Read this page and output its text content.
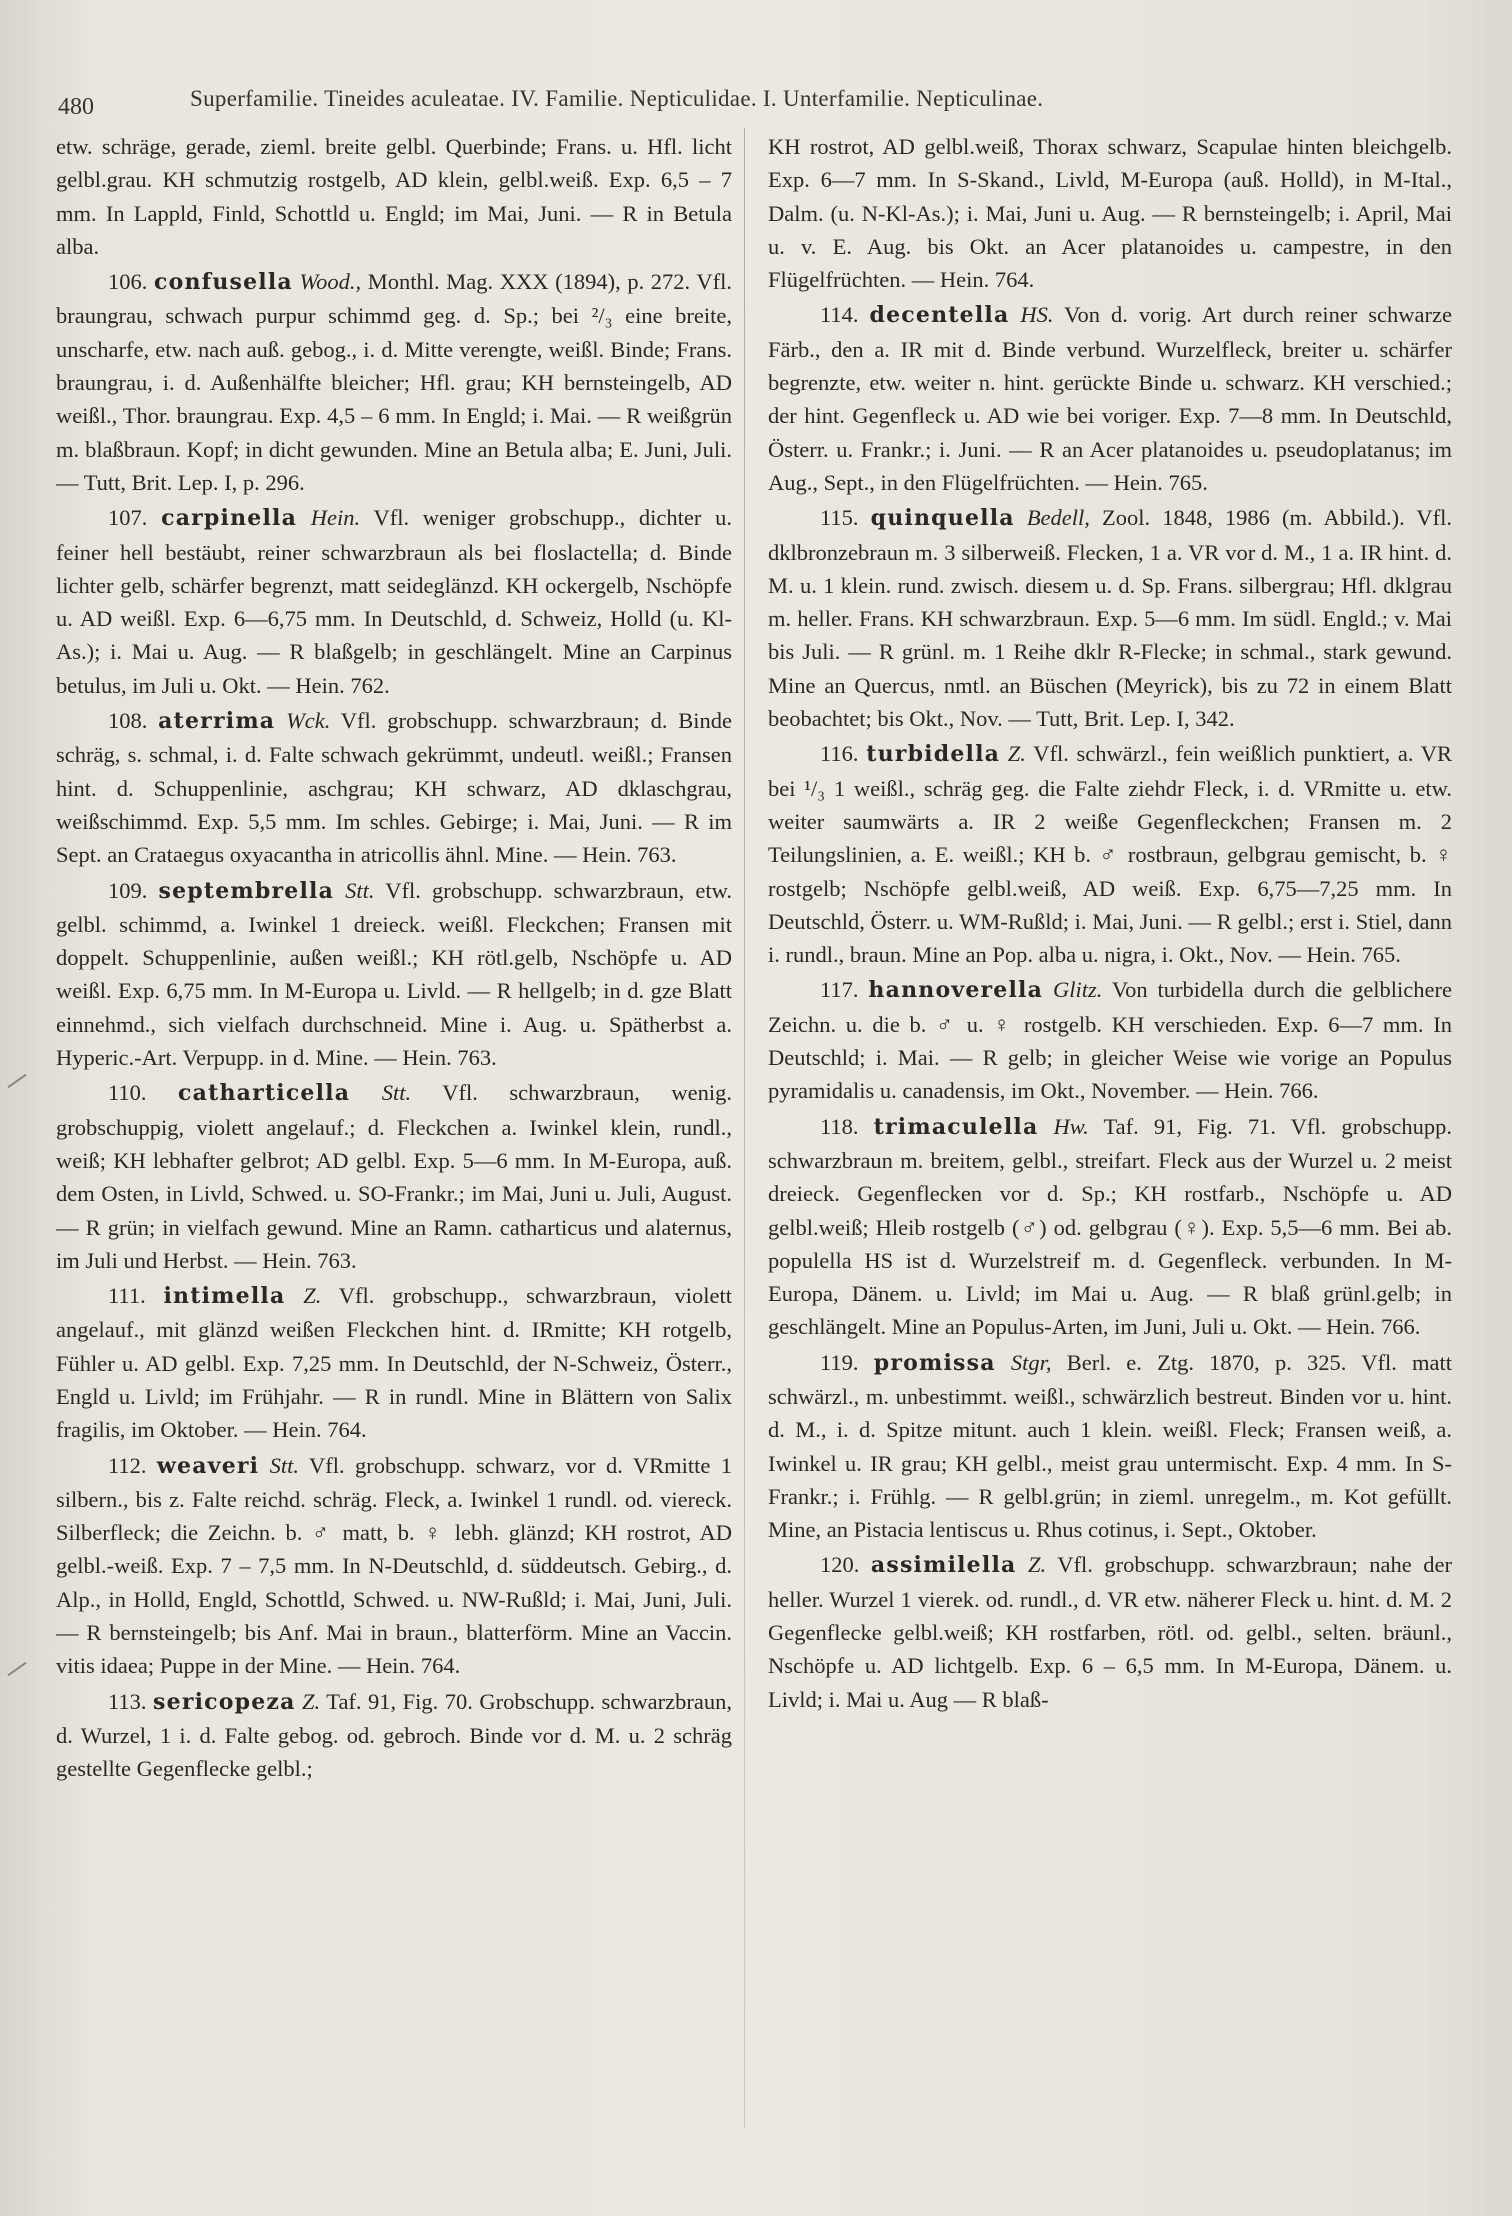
480	Superfamilie. Tineides aculeatae. IV. Familie. Nepticulidae. I. Unterfamilie. Nepticulinae.

etw. schräge, gerade, zieml. breite gelbl. Querbinde; Frans. u. Hfl. licht gelbl.grau. KH schmutzig rostgelb, AD klein, gelbl.weiß. Exp. 6,5 – 7 mm. In Lappld, Finld, Schottld u. Engld; im Mai, Juni. — R in Betula alba.

106. confusella Wood., Monthl. Mag. XXX (1894), p. 272. Vfl. braungrau, schwach purpur schimmd geg. d. Sp.; bei ²/₃ eine breite, unscharfe, etw. nach auß. gebog., i. d. Mitte verengte, weißl. Binde; Frans. braungrau, i. d. Außenhälfte bleicher; Hfl. grau; KH bernsteingelb, AD weißl., Thor. braungrau. Exp. 4,5 – 6 mm. In Engld; i. Mai. — R weißgrün m. blaßbraun. Kopf; in dicht gewunden. Mine an Betula alba; E. Juni, Juli. — Tutt, Brit. Lep. I, p. 296.

107. carpinella Hein. Vfl. weniger grobschupp., dichter u. feiner hell bestäubt, reiner schwarzbraun als bei floslactella; d. Binde lichter gelb, schärfer begrenzt, matt seideglänzd. KH ockergelb, Nschöpfe u. AD weißl. Exp. 6—6,75 mm. In Deutschld, d. Schweiz, Holld (u. Kl-As.); i. Mai u. Aug. — R blaßgelb; in geschlängelt. Mine an Carpinus betulus, im Juli u. Okt. — Hein. 762.

108. aterrima Wck. Vfl. grobschupp. schwarzbraun; d. Binde schräg, s. schmal, i. d. Falte schwach gekrümmt, undeutl. weißl.; Fransen hint. d. Schuppenlinie, aschgrau; KH schwarz, AD dklaschgrau, weißschimmd. Exp. 5,5 mm. Im schles. Gebirge; i. Mai, Juni. — R im Sept. an Crataegus oxyacantha in atricollis ähnl. Mine. — Hein. 763.

109. septembrella Stt. Vfl. grobschupp. schwarzbraun, etw. gelbl. schimmd, a. Iwinkel 1 dreieck. weißl. Fleckchen; Fransen mit doppelt. Schuppenlinie, außen weißl.; KH rötl.gelb, Nschöpfe u. AD weißl. Exp. 6,75 mm. In M-Europa u. Livld. — R hellgelb; in d. gze Blatt einnehmd., sich vielfach durchschneid. Mine i. Aug. u. Spätherbst a. Hyperic.-Art. Verpupp. in d. Mine. — Hein. 763.

110. catharticella Stt. Vfl. schwarzbraun, wenig. grobschuppig, violett angelauf.; d. Fleckchen a. Iwinkel klein, rundl., weiß; KH lebhafter gelbrot; AD gelbl. Exp. 5—6 mm. In M-Europa, auß. dem Osten, in Livld, Schwed. u. SO-Frankr.; im Mai, Juni u. Juli, August. — R grün; in vielfach gewund. Mine an Ramn. catharticus und alaternus, im Juli und Herbst. — Hein. 763.

111. intimella Z. Vfl. grobschupp., schwarzbraun, violett angelauf., mit glänzd weißen Fleckchen hint. d. IRmitte; KH rotgelb, Fühler u. AD gelbl. Exp. 7,25 mm. In Deutschld, der N-Schweiz, Österr., Engld u. Livld; im Frühjahr. — R in rundl. Mine in Blättern von Salix fragilis, im Oktober. — Hein. 764.

112. weaveri Stt. Vfl. grobschupp. schwarz, vor d. VRmitte 1 silbern., bis z. Falte reichd. schräg. Fleck, a. Iwinkel 1 rundl. od. viereck. Silberfleck; die Zeichn. b. ♂ matt, b. ♀ lebh. glänzd; KH rostrot, AD gelbl.-weiß. Exp. 7 – 7,5 mm. In N-Deutschld, d. süddeutsch. Gebirg., d. Alp., in Holld, Engld, Schottld, Schwed. u. NW-Rußld; i. Mai, Juni, Juli. — R bernsteingelb; bis Anf. Mai in braun., blatterförm. Mine an Vaccin. vitis idaea; Puppe in der Mine. — Hein. 764.

113. sericopeza Z. Taf. 91, Fig. 70. Grobschupp. schwarzbraun, d. Wurzel, 1 i. d. Falte gebog. od. gebroch. Binde vor d. M. u. 2 schräg gestellte Gegenflecke gelbl.;

KH rostrot, AD gelbl.weiß, Thorax schwarz, Scapulae hinten bleichgelb. Exp. 6—7 mm. In S-Skand., Livld, M-Europa (auß. Holld), in M-Ital., Dalm. (u. N-Kl-As.); i. Mai, Juni u. Aug. — R bernsteingelb; i. April, Mai u. v. E. Aug. bis Okt. an Acer platanoides u. campestre, in den Flügelfrüchten. — Hein. 764.

114. decentella HS. Von d. vorig. Art durch reiner schwarze Färb., den a. IR mit d. Binde verbund. Wurzelfleck, breiter u. schärfer begrenzte, etw. weiter n. hint. gerückte Binde u. schwarz. KH verschied.; der hint. Gegenfleck u. AD wie bei voriger. Exp. 7—8 mm. In Deutschld, Österr. u. Frankr.; i. Juni. — R an Acer platanoides u. pseudoplatanus; im Aug., Sept., in den Flügelfrüchten. — Hein. 765.

115. quinquella Bedell, Zool. 1848, 1986 (m. Abbild.). Vfl. dklbronzebraun m. 3 silberweiß. Flecken, 1 a. VR vor d. M., 1 a. IR hint. d. M. u. 1 klein. rund. zwisch. diesem u. d. Sp. Frans. silbergrau; Hfl. dklgrau m. heller. Frans. KH schwarzbraun. Exp. 5—6 mm. Im südl. Engld.; v. Mai bis Juli. — R grünl. m. 1 Reihe dklr R-Flecke; in schmal., stark gewund. Mine an Quercus, nmtl. an Büschen (Meyrick), bis zu 72 in einem Blatt beobachtet; bis Okt., Nov. — Tutt, Brit. Lep. I, 342.

116. turbidella Z. Vfl. schwärzl., fein weißlich punktiert, a. VR bei ¹/₃ 1 weißl., schräg geg. die Falte ziehdr Fleck, i. d. VRmitte u. etw. weiter saumwärts a. IR 2 weiße Gegenfleckchen; Fransen m. 2 Teilungslinien, a. E. weißl.; KH b. ♂ rostbraun, gelbgrau gemischt, b. ♀ rostgelb; Nschöpfe gelbl.weiß, AD weiß. Exp. 6,75—7,25 mm. In Deutschld, Österr. u. WM-Rußld; i. Mai, Juni. — R gelbl.; erst i. Stiel, dann i. rundl., braun. Mine an Pop. alba u. nigra, i. Okt., Nov. — Hein. 765.

117. hannoverella Glitz. Von turbidella durch die gelblichere Zeichn. u. die b. ♂ u. ♀ rostgelb. KH verschieden. Exp. 6—7 mm. In Deutschld; i. Mai. — R gelb; in gleicher Weise wie vorige an Populus pyramidalis u. canadensis, im Okt., November. — Hein. 766.

118. trimaculella Hw. Taf. 91, Fig. 71. Vfl. grobschupp. schwarzbraun m. breitem, gelbl., streifart. Fleck aus der Wurzel u. 2 meist dreieck. Gegenflecken vor d. Sp.; KH rostfarb., Nschöpfe u. AD gelbl.weiß; Hleib rostgelb (♂) od. gelbgrau (♀). Exp. 5,5—6 mm. Bei ab. populella HS ist d. Wurzelstreif m. d. Gegenfleck. verbunden. In M-Europa, Dänem. u. Livld; im Mai u. Aug. — R blaß grünl.gelb; in geschlängelt. Mine an Populus-Arten, im Juni, Juli u. Okt. — Hein. 766.

119. promissa Stgr, Berl. e. Ztg. 1870, p. 325. Vfl. matt schwärzl., m. unbestimmt. weißl., schwärzlich bestreut. Binden vor u. hint. d. M., i. d. Spitze mitunt. auch 1 klein. weißl. Fleck; Fransen weiß, a. Iwinkel u. IR grau; KH gelbl., meist grau untermischt. Exp. 4 mm. In S-Frankr.; i. Frühlg. — R gelbl.grün; in zieml. unregelm., m. Kot gefüllt. Mine, an Pistacia lentiscus u. Rhus cotinus, i. Sept., Oktober.

120. assimilella Z. Vfl. grobschupp. schwarzbraun; nahe der heller. Wurzel 1 vierek. od. rundl., d. VR etw. näherer Fleck u. hint. d. M. 2 Gegenflecke gelbl.weiß; KH rostfarben, rötl. od. gelbl., selten. bräunl., Nschöpfe u. AD lichtgelb. Exp. 6 – 6,5 mm. In M-Europa, Dänem. u. Livld; i. Mai u. Aug — R blaß-
